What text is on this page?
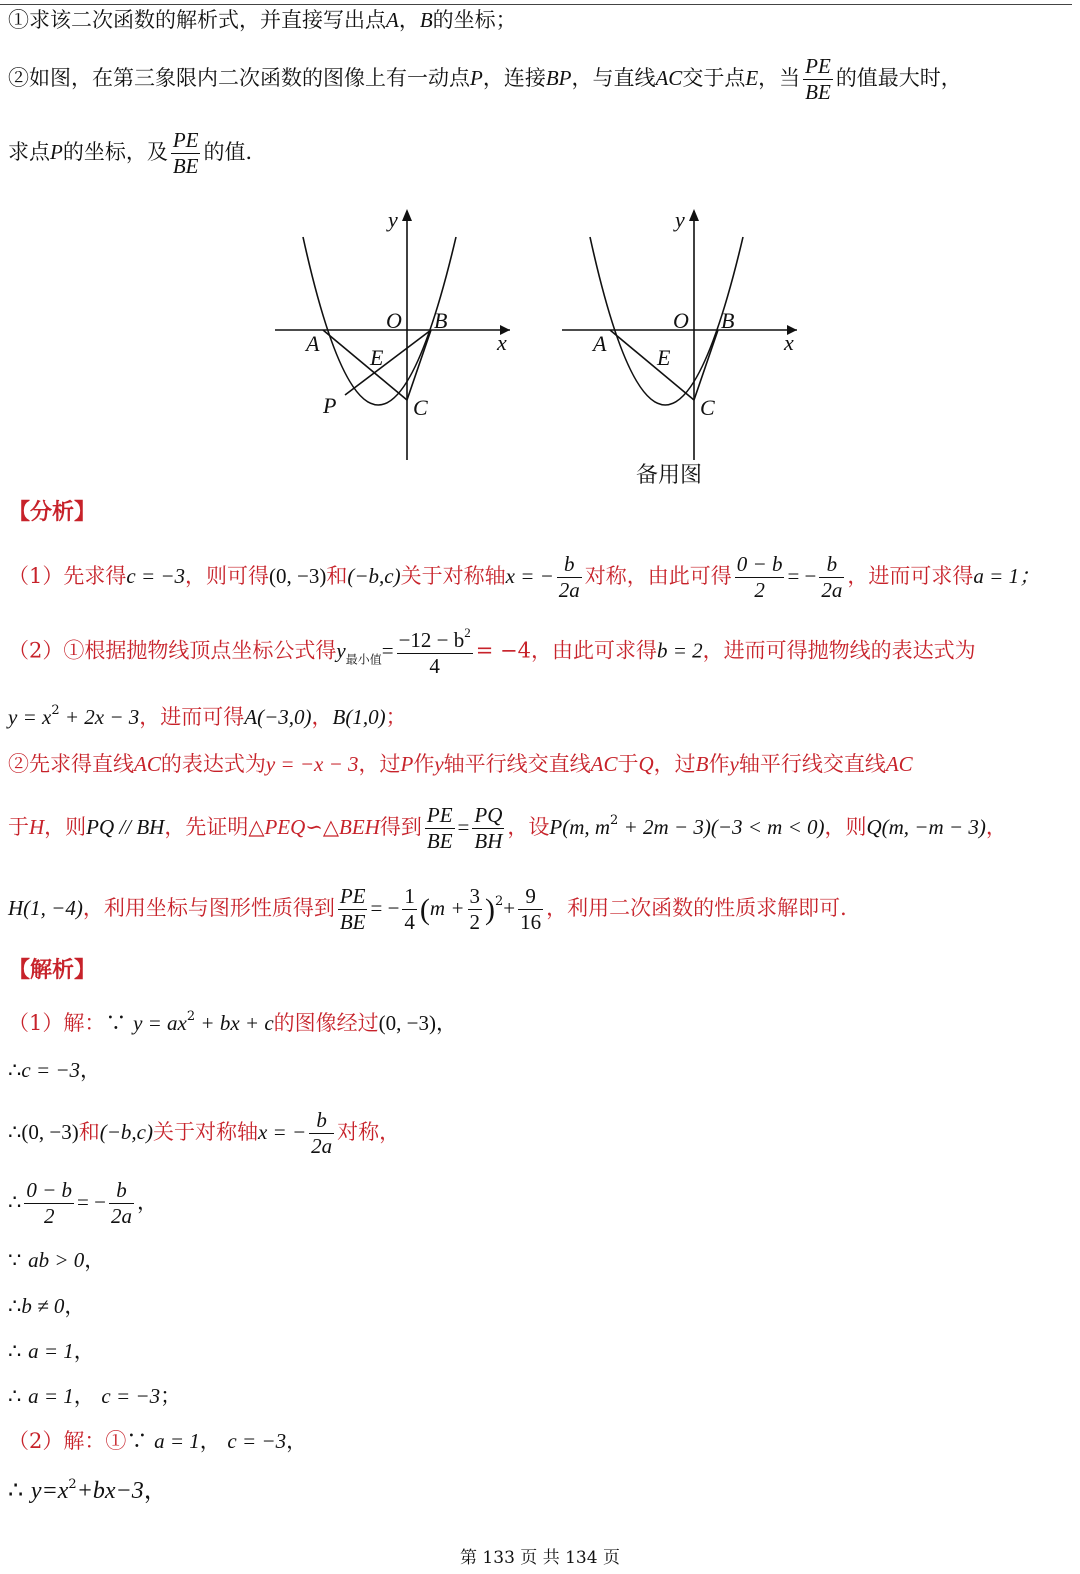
①求该二次函数的解析式，并直接写出点A，B的坐标；
②如图，在第三象限内二次函数的图像上有一动点P，连接BP，与直线AC交于点E，当 $\frac{PE}{BE}$ 的值最大时，
求点P的坐标，及 $\frac{PE}{BE}$ 的值．
y
x
O
A
B
E
P	C
y
x
O
A
B
E
C
备用图
【分析】
（1）先求得c = −3，则可得(0, −3)和(−b,c)关于对称轴x = − $\frac{b}{2a}$ 对称，由此可得 $\frac{0 - b}{2}$ = − $\frac{b}{2a}$ ，进而可求得a = 1；
（2）①根据抛物线顶点坐标公式得$y_{最小值}= \frac{-12 - b^2}{4} = -4$，由此可求得b = 2，进而可得抛物线的表达式为
$y = x^2 + 2x - 3$，进而可得A(−3,0)，B(1,0)；
②先求得直线AC的表达式为y = −x − 3，过P作y轴平行线交直线AC于Q，过B作y轴平行线交直线AC
于H，则PQ // BH，先证明△PEQ∽△BEH得到 $\frac{PE}{BE} = \frac{PQ}{BH}$ ，设P(m, $m^2 + 2m - 3)(-3 < m < 0)$，则Q(m, −m − 3)，
H(1, −4)，利用坐标与图形性质得到 $\frac{PE}{BE}$ = − $\frac{1}{4} (m + \frac{3}{2} )^2+ \frac{9}{16}$ ，利用二次函数的性质求解即可．
【解析】
（1）解：∵ $y = ax^2$ + bx + c的图像经过(0, −3)，
∴c = −3，
∴(0, −3)和(−b,c)关于对称轴x = − $\frac{b}{2a}$ 对称，
∴ $\frac{0 - b}{2}$ = − $\frac{b}{2a}$ ，
∵ ab > 0，
∴b ≠ 0，
∴ a = 1，
∴ a = 1， c = −3；
（2）解：①∵ a = 1， c = −3，
∴ $y=x^2+bx-3$，
第 133 页 共 134 页
